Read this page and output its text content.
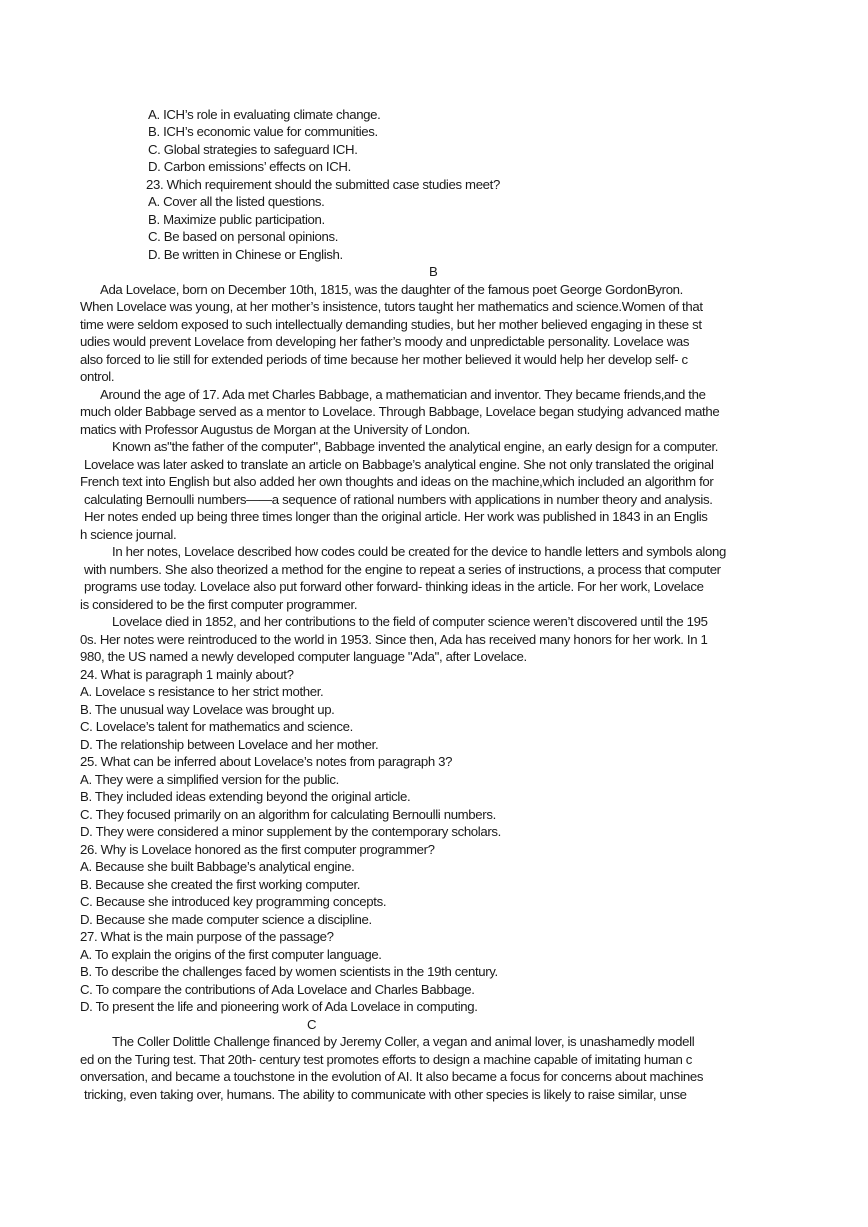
A. ICH’s role in evaluating climate change.
B. ICH’s economic value for communities.
C. Global strategies to safeguard ICH.
D. Carbon emissions’ effects on ICH.
23. Which requirement should the submitted case studies meet?
A. Cover all the listed questions.
B. Maximize public participation.
C. Be based on personal opinions.
D. Be written in Chinese or English.
B
Ada Lovelace, born on December 10th, 1815, was the daughter of the famous poet George GordonByron.
When Lovelace was young, at her mother’s insistence, tutors taught her mathematics and science.Women of that
time were seldom exposed to such intellectually demanding studies, but her mother believed engaging in these st
udies would prevent Lovelace from developing her father’s moody and unpredictable personality. Lovelace was
also forced to lie still for extended periods of time because her mother believed it would help her develop self- c
ontrol.
Around the age of 17. Ada met Charles Babbage, a mathematician and inventor. They became friends,and the
much older Babbage served as a mentor to Lovelace. Through Babbage, Lovelace began studying advanced mathe
matics with Professor Augustus de Morgan at the University of London.
Known as"the father of the computer", Babbage invented the analytical engine, an early design for a computer.
Lovelace was later asked to translate an article on Babbage’s analytical engine. She not only translated the original
French text into English but also added her own thoughts and ideas on the machine,which included an algorithm for
calculating Bernoulli numbers——a sequence of rational numbers with applications in number theory and analysis.
Her notes ended up being three times longer than the original article. Her work was published in 1843 in an Englis
h science journal.
In her notes, Lovelace described how codes could be created for the device to handle letters and symbols along
with numbers. She also theorized a method for the engine to repeat a series of instructions, a process that computer
programs use today. Lovelace also put forward other forward- thinking ideas in the article. For her work, Lovelace
is considered to be the first computer programmer.
Lovelace died in 1852, and her contributions to the field of computer science weren’t discovered until the 195
0s. Her notes were reintroduced to the world in 1953. Since then, Ada has received many honors for her work. In 1
980, the US named a newly developed computer language "Ada", after Lovelace.
24. What is paragraph 1 mainly about?
A. Lovelace s resistance to her strict mother.
B. The unusual way Lovelace was brought up.
C. Lovelace’s talent for mathematics and science.
D. The relationship between Lovelace and her mother.
25. What can be inferred about Lovelace’s notes from paragraph 3?
A. They were a simplified version for the public.
B. They included ideas extending beyond the original article.
C. They focused primarily on an algorithm for calculating Bernoulli numbers.
D. They were considered a minor supplement by the contemporary scholars.
26. Why is Lovelace honored as the first computer programmer?
A. Because she built Babbage’s analytical engine.
B. Because she created the first working computer.
C. Because she introduced key programming concepts.
D. Because she made computer science a discipline.
27. What is the main purpose of the passage?
A. To explain the origins of the first computer language.
B. To describe the challenges faced by women scientists in the 19th century.
C. To compare the contributions of Ada Lovelace and Charles Babbage.
D. To present the life and pioneering work of Ada Lovelace in computing.
C
The Coller Dolittle Challenge financed by Jeremy Coller, a vegan and animal lover, is unashamedly modell
ed on the Turing test. That 20th- century test promotes efforts to design a machine capable of imitating human c
onversation, and became a touchstone in the evolution of AI. It also became a focus for concerns about machines
tricking, even taking over, humans. The ability to communicate with other species is likely to raise similar, unse
